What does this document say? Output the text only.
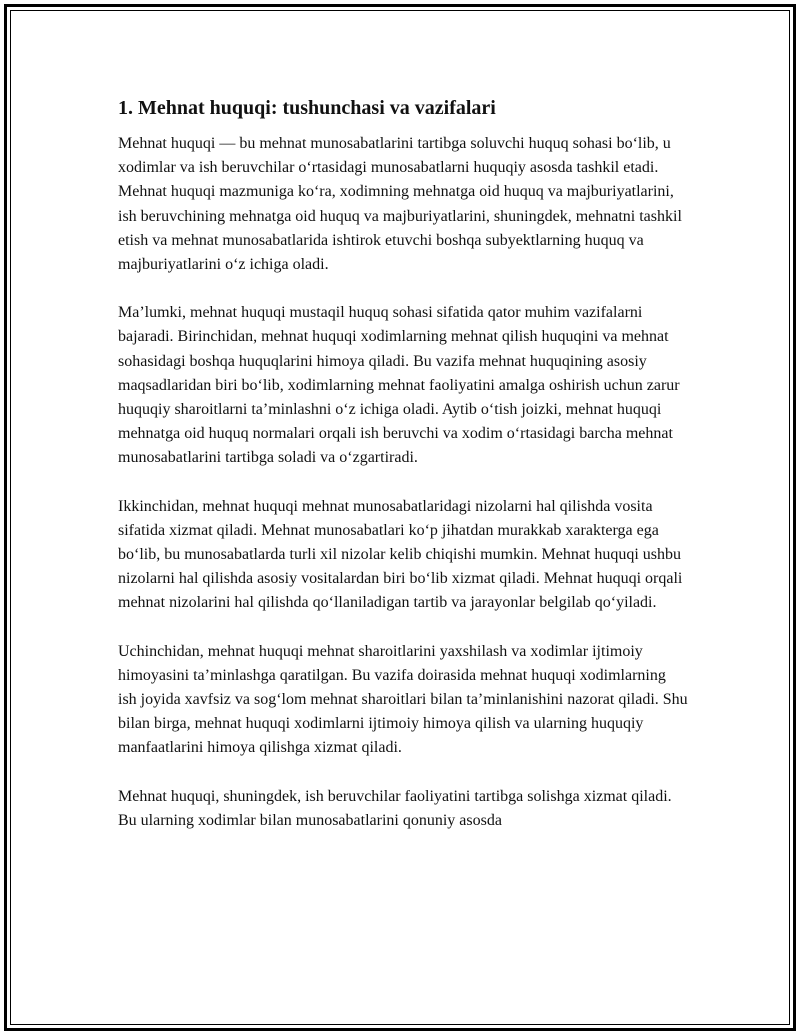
1. Mehnat huquqi: tushunchasi va vazifalari

Mehnat huquqi — bu mehnat munosabatlarini tartibga soluvchi huquq sohasi bo‘lib, u xodimlar va ish beruvchilar o‘rtasidagi munosabatlarni huquqiy asosda tashkil etadi. Mehnat huquqi mazmuniga ko‘ra, xodimning mehnatga oid huquq va majburiyatlarini, ish beruvchining mehnatga oid huquq va majburiyatlarini, shuningdek, mehnatni tashkil etish va mehnat munosabatlarida ishtirok etuvchi boshqa subyektlarning huquq va majburiyatlarini o‘z ichiga oladi.

Ma’lumki, mehnat huquqi mustaqil huquq sohasi sifatida qator muhim vazifalarni bajaradi. Birinchidan, mehnat huquqi xodimlarning mehnat qilish huquqini va mehnat sohasidagi boshqa huquqlarini himoya qiladi. Bu vazifa mehnat huquqining asosiy maqsadlaridan biri bo‘lib, xodimlarning mehnat faoliyatini amalga oshirish uchun zarur huquqiy sharoitlarni ta’minlashni o‘z ichiga oladi. Aytib o‘tish joizki, mehnat huquqi mehnatga oid huquq normalari orqali ish beruvchi va xodim o‘rtasidagi barcha mehnat munosabatlarini tartibga soladi va o‘zgartiradi.

Ikkinchidan, mehnat huquqi mehnat munosabatlaridagi nizolarni hal qilishda vosita sifatida xizmat qiladi. Mehnat munosabatlari ko‘p jihatdan murakkab xarakterga ega bo‘lib, bu munosabatlarda turli xil nizolar kelib chiqishi mumkin. Mehnat huquqi ushbu nizolarni hal qilishda asosiy vositalardan biri bo‘lib xizmat qiladi. Mehnat huquqi orqali mehnat nizolarini hal qilishda qo‘llaniladigan tartib va jarayonlar belgilab qo‘yiladi.

Uchinchidan, mehnat huquqi mehnat sharoitlarini yaxshilash va xodimlar ijtimoiy himoyasini ta’minlashga qaratilgan. Bu vazifa doirasida mehnat huquqi xodimlarning ish joyida xavfsiz va sog‘lom mehnat sharoitlari bilan ta’minlanishini nazorat qiladi. Shu bilan birga, mehnat huquqi xodimlarni ijtimoiy himoya qilish va ularning huquqiy manfaatlarini himoya qilishga xizmat qiladi.

Mehnat huquqi, shuningdek, ish beruvchilar faoliyatini tartibga solishga xizmat qiladi. Bu ularning xodimlar bilan munosabatlarini qonuniy asosda
